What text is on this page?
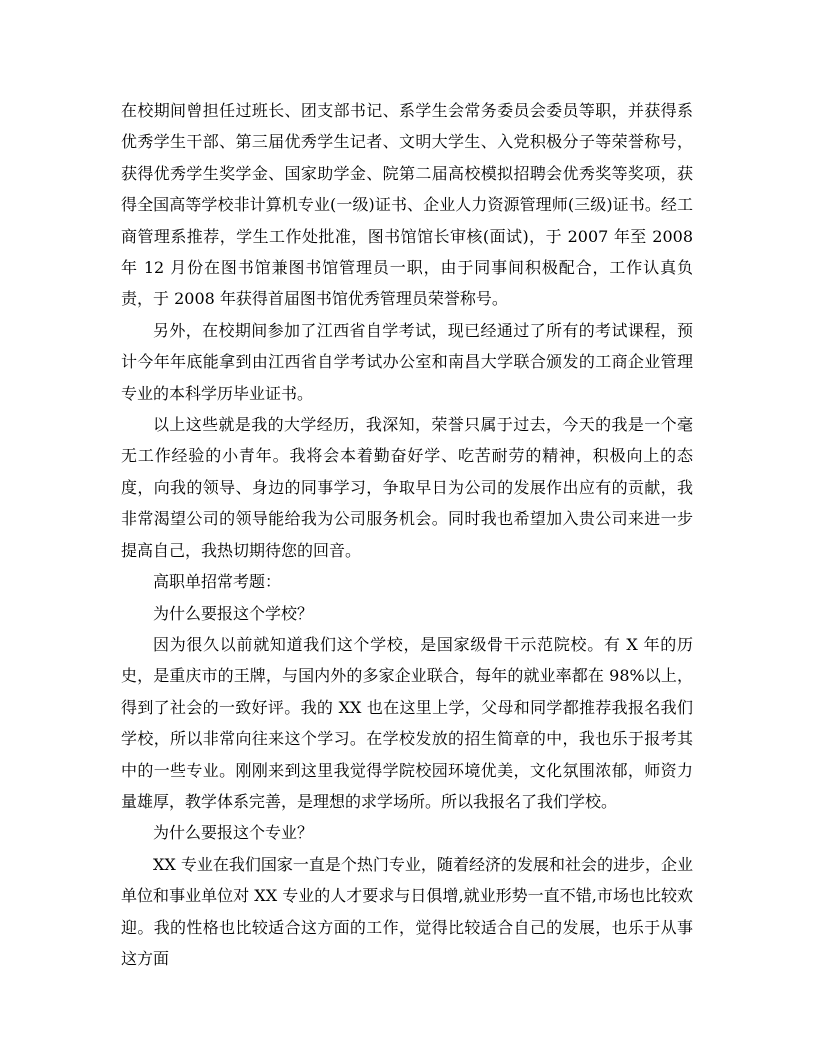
在校期间曾担任过班长、团支部书记、系学生会常务委员会委员等职，并获得系优秀学生干部、第三届优秀学生记者、文明大学生、入党积极分子等荣誉称号，获得优秀学生奖学金、国家助学金、院第二届高校模拟招聘会优秀奖等奖项，获得全国高等学校非计算机专业(一级)证书、企业人力资源管理师(三级)证书。经工商管理系推荐，学生工作处批准，图书馆馆长审核(面试)，于 2007 年至 2008 年 12 月份在图书馆兼图书馆管理员一职，由于同事间积极配合，工作认真负责，于 2008 年获得首届图书馆优秀管理员荣誉称号。

另外，在校期间参加了江西省自学考试，现已经通过了所有的考试课程，预计今年年底能拿到由江西省自学考试办公室和南昌大学联合颁发的工商企业管理专业的本科学历毕业证书。

以上这些就是我的大学经历，我深知，荣誉只属于过去，今天的我是一个毫无工作经验的小青年。我将会本着勤奋好学、吃苦耐劳的精神，积极向上的态度，向我的领导、身边的同事学习，争取早日为公司的发展作出应有的贡献，我非常渴望公司的领导能给我为公司服务机会。同时我也希望加入贵公司来进一步提高自己，我热切期待您的回音。

高职单招常考题：

为什么要报这个学校？

因为很久以前就知道我们这个学校，是国家级骨干示范院校。有 X 年的历史，是重庆市的王牌，与国内外的多家企业联合，每年的就业率都在 98%以上，得到了社会的一致好评。我的 XX 也在这里上学，父母和同学都推荐我报名我们学校，所以非常向往来这个学习。在学校发放的招生简章的中，我也乐于报考其中的一些专业。刚刚来到这里我觉得学院校园环境优美，文化氛围浓郁，师资力量雄厚，教学体系完善，是理想的求学场所。所以我报名了我们学校。

为什么要报这个专业？

XX 专业在我们国家一直是个热门专业，随着经济的发展和社会的进步，企业单位和事业单位对 XX 专业的人才要求与日俱增,就业形势一直不错,市场也比较欢迎。我的性格也比较适合这方面的工作，觉得比较适合自己的发展，也乐于从事这方面
